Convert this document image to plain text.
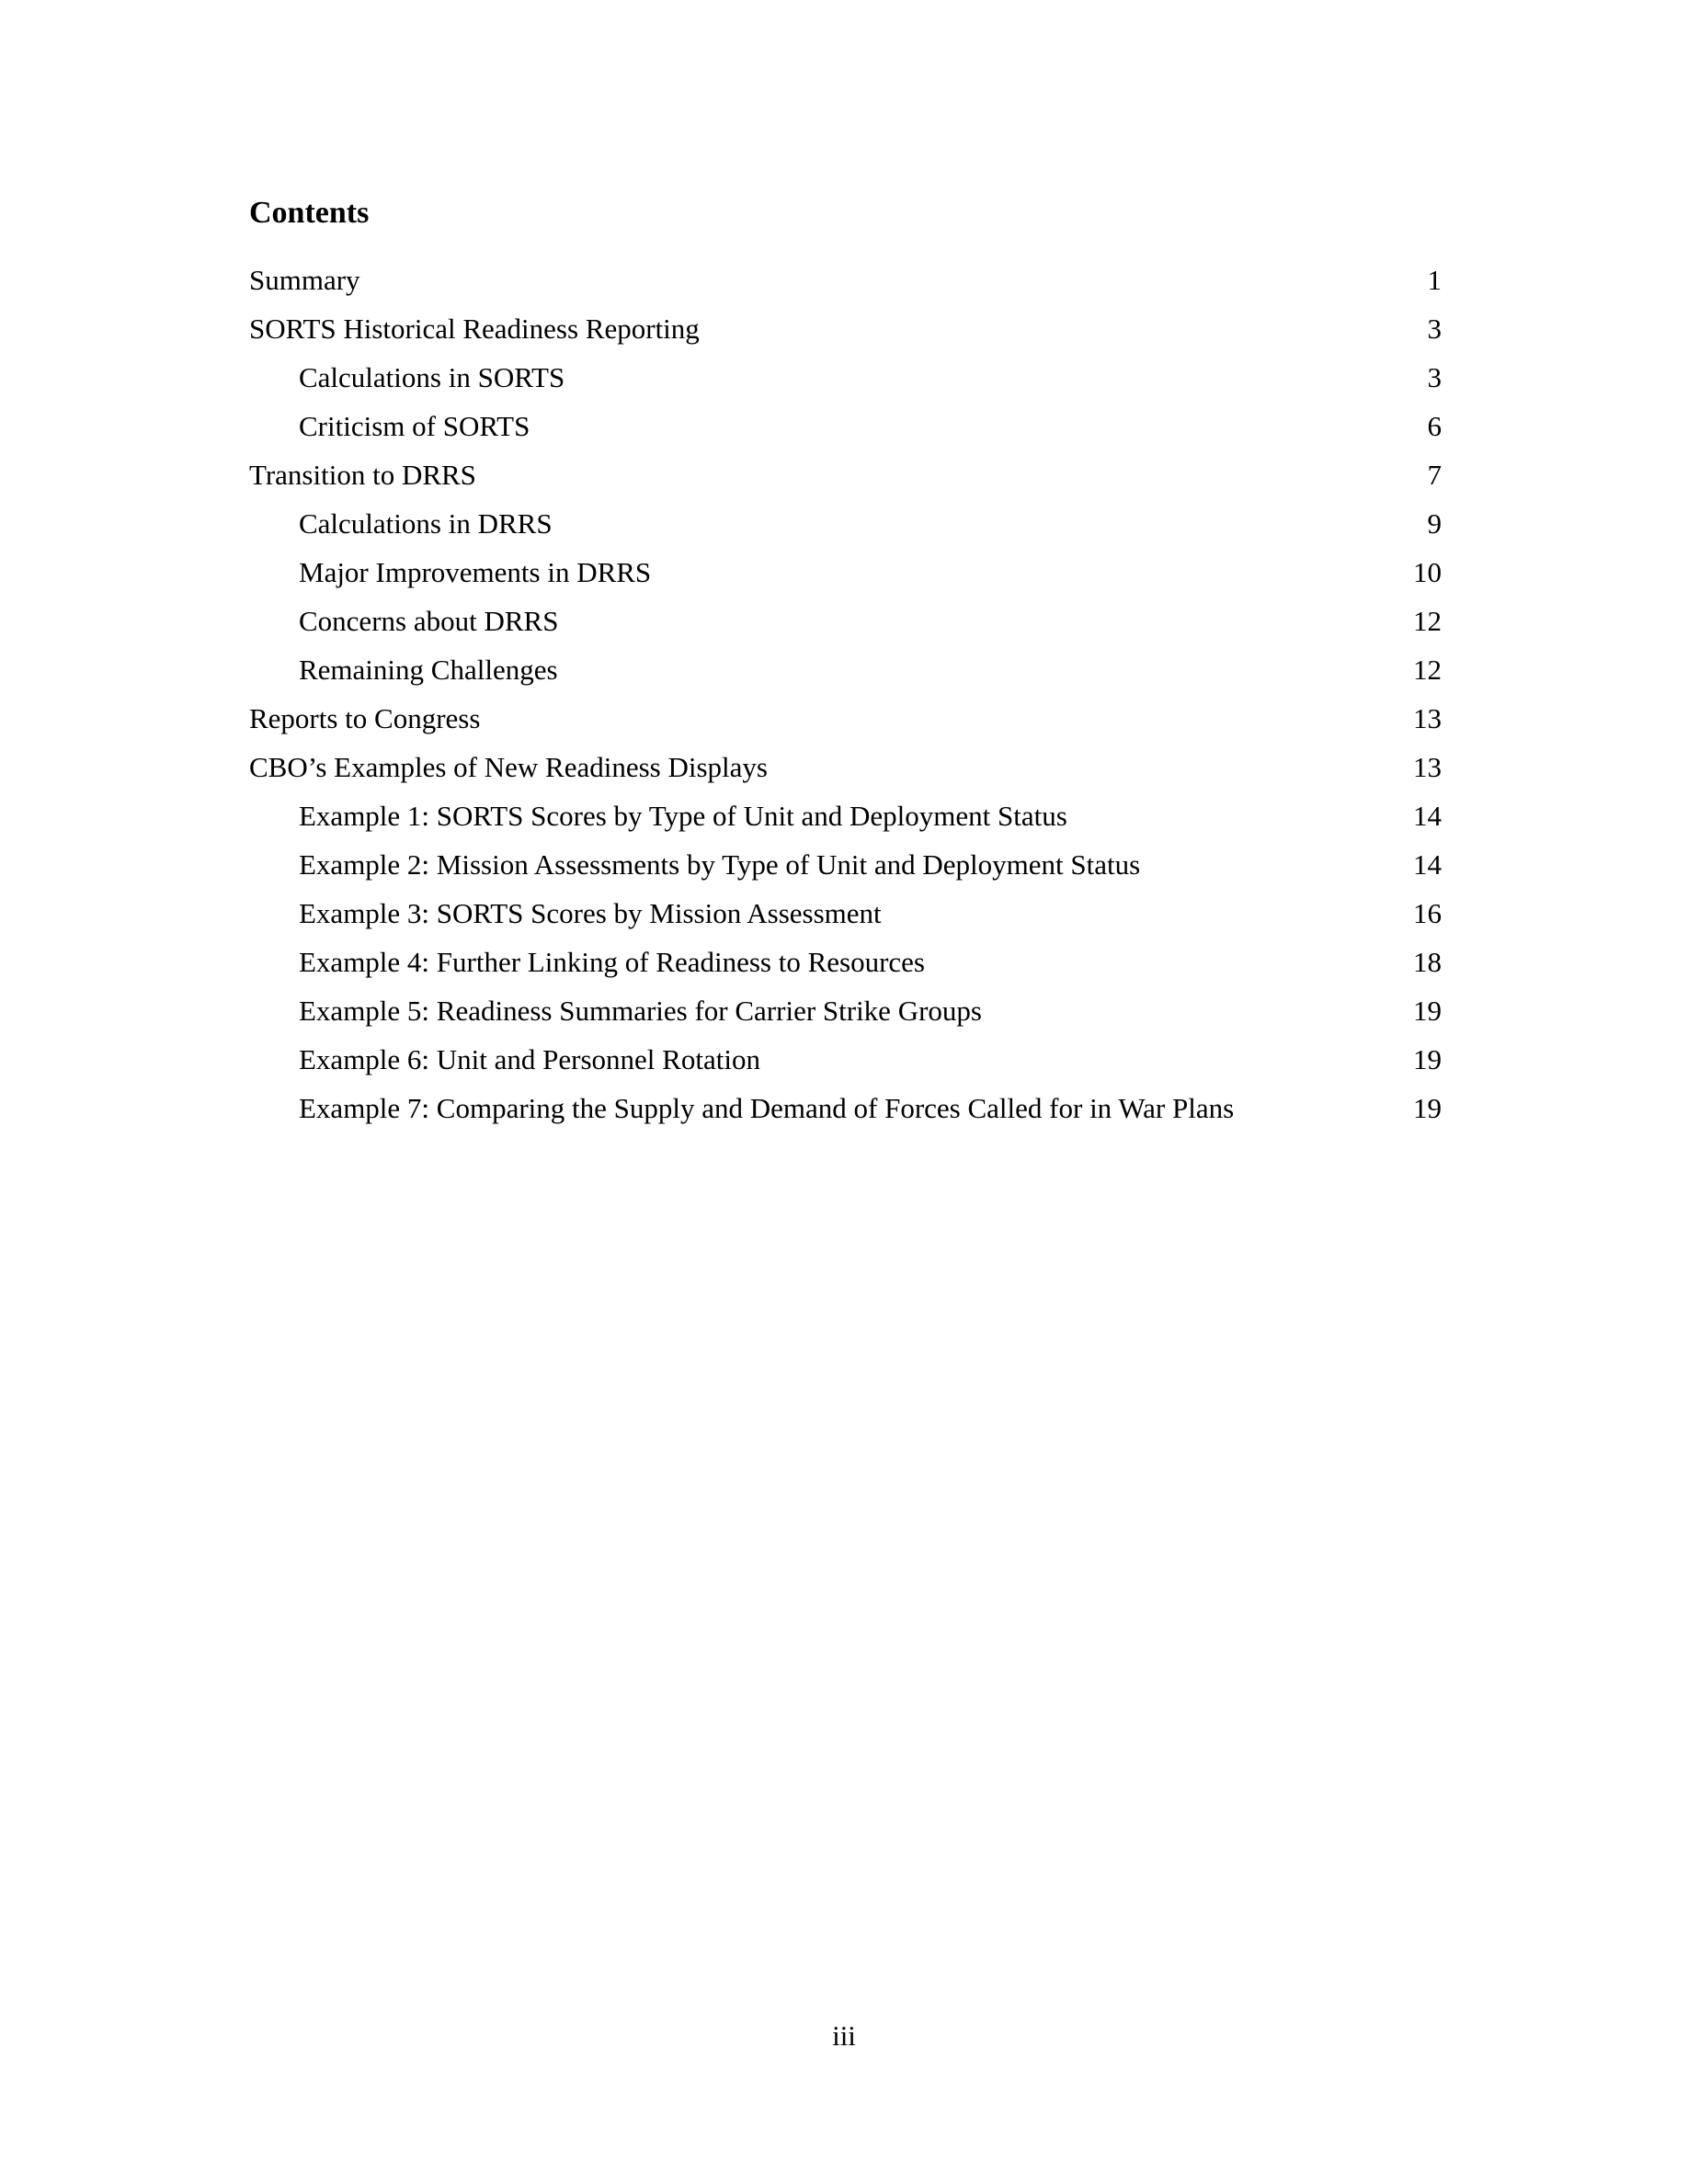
Contents
Summary	1
SORTS Historical Readiness Reporting	3
Calculations in SORTS	3
Criticism of SORTS	6
Transition to DRRS	7
Calculations in DRRS	9
Major Improvements in DRRS	10
Concerns about DRRS	12
Remaining Challenges	12
Reports to Congress	13
CBO’s Examples of New Readiness Displays	13
Example 1: SORTS Scores by Type of Unit and Deployment Status	14
Example 2: Mission Assessments by Type of Unit and Deployment Status	14
Example 3: SORTS Scores by Mission Assessment	16
Example 4: Further Linking of Readiness to Resources	18
Example 5: Readiness Summaries for Carrier Strike Groups	19
Example 6: Unit and Personnel Rotation	19
Example 7: Comparing the Supply and Demand of Forces Called for in War Plans	19
iii
